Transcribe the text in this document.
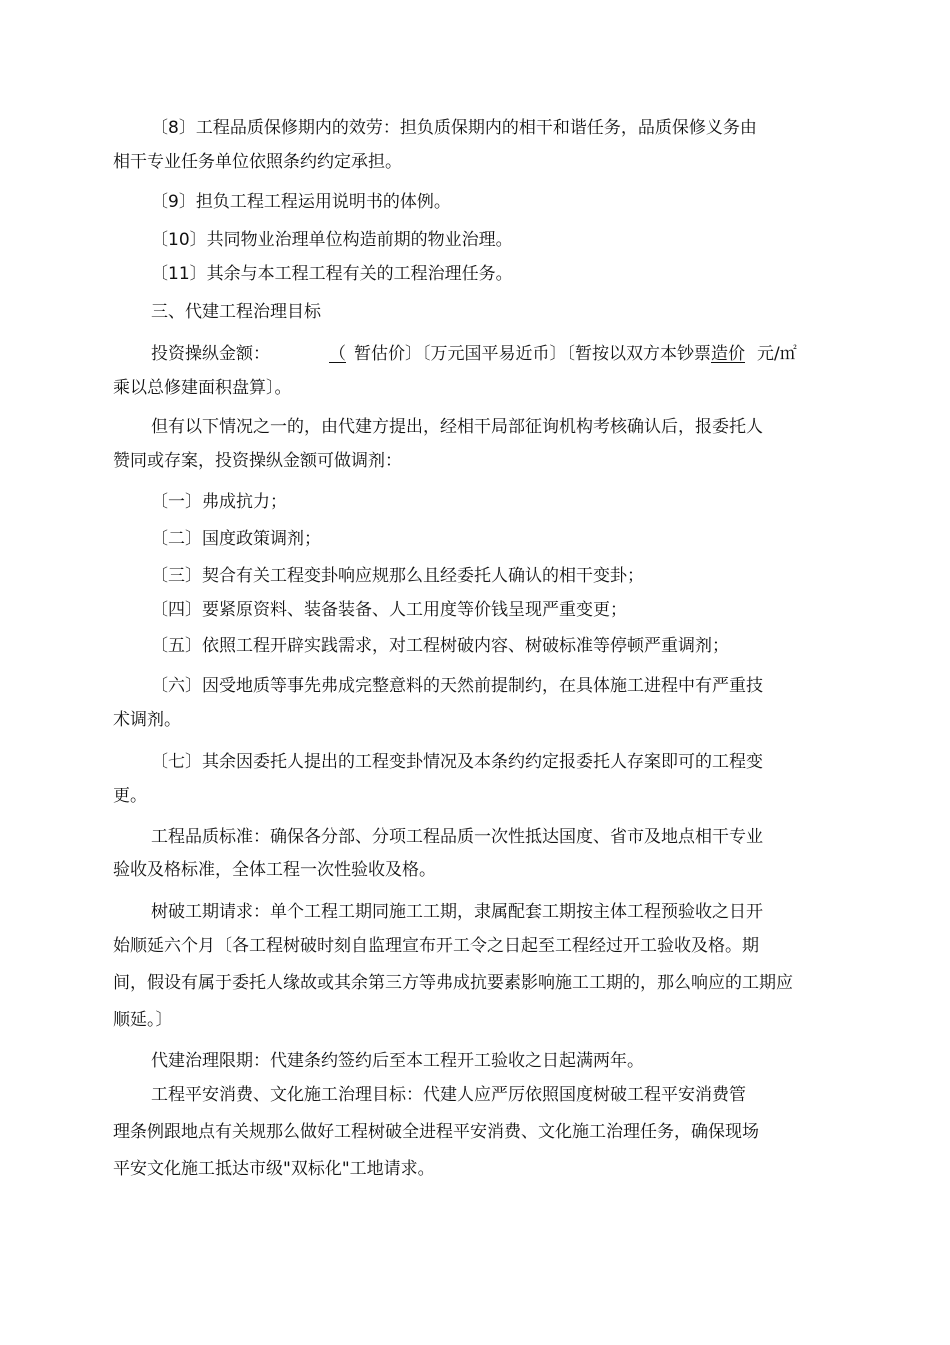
〔8〕工程品质保修期内的效劳：担负质保期内的相干和谐任务，品质保修义务由

相干专业任务单位依照条约约定承担。

〔9〕担负工程工程运用说明书的体例。

〔10〕共同物业治理单位构造前期的物业治理。

〔11〕其余与本工程工程有关的工程治理任务。

三、代建工程治理目标

投资操纵金额：	（ 暂估价〕〔万元国平易近币〕〔暂按以双方本钞票造价 元/㎡

乘以总修建面积盘算〕。

但有以下情况之一的，由代建方提出，经相干局部征询机构考核确认后，报委托人

赞同或存案，投资操纵金额可做调剂：

〔一〕弗成抗力；

〔二〕国度政策调剂；

〔三〕契合有关工程变卦响应规那么且经委托人确认的相干变卦；

〔四〕要紧原资料、装备装备、人工用度等价钱呈现严重变更；

〔五〕依照工程开辟实践需求，对工程树破内容、树破标准等停顿严重调剂；

〔六〕因受地质等事先弗成完整意料的天然前提制约，在具体施工进程中有严重技

术调剂。

〔七〕其余因委托人提出的工程变卦情况及本条约约定报委托人存案即可的工程变

更。

工程品质标准：确保各分部、分项工程品质一次性抵达国度、省市及地点相干专业

验收及格标准，全体工程一次性验收及格。

树破工期请求：单个工程工期同施工工期，隶属配套工期按主体工程预验收之日开

始顺延六个月〔各工程树破时刻自监理宣布开工令之日起至工程经过开工验收及格。期

间，假设有属于委托人缘故或其余第三方等弗成抗要素影响施工工期的，那么响应的工期应

顺延。〕

代建治理限期：代建条约签约后至本工程开工验收之日起满两年。

工程平安消费、文化施工治理目标：代建人应严厉依照国度树破工程平安消费管

理条例跟地点有关规那么做好工程树破全进程平安消费、文化施工治理任务，确保现场

平安文化施工抵达市级"双标化"工地请求。
